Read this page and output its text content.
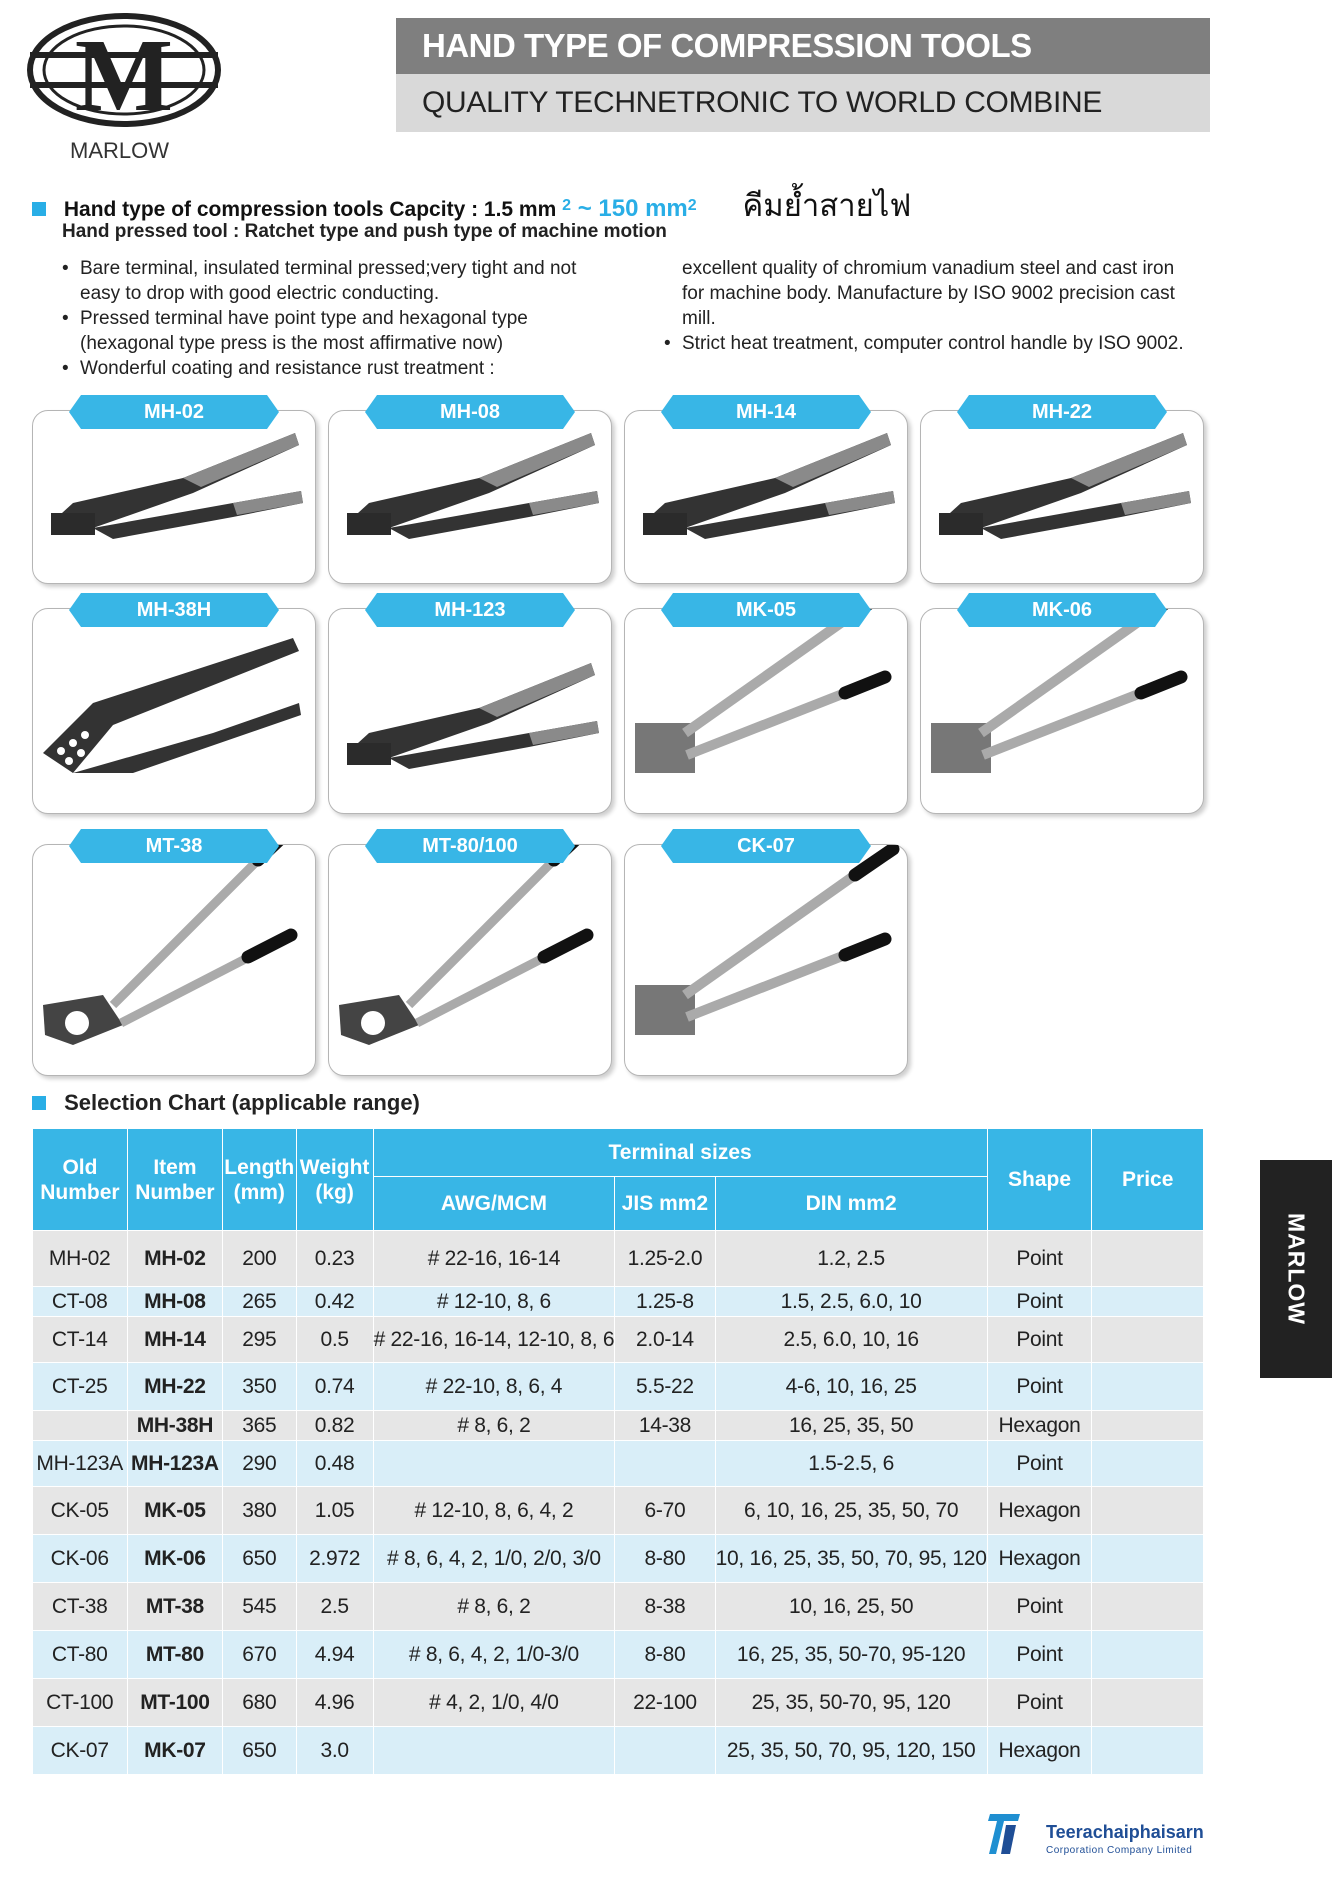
M
MARLOW
HAND TYPE OF COMPRESSION TOOLS
QUALITY TECHNETRONIC TO WORLD COMBINE
Hand type of compression tools Capcity : 1.5 mm $^2$ ~ 150 $mm^2$ คีมย้ำสายไฟ
Hand pressed tool : Ratchet type and push type of machine motion
• Bare terminal, insulated terminal pressed;very tight and not easy to drop with good electric conducting.
• Pressed terminal have point type and hexagonal type (hexagonal type press is the most affirmative now)
• Wonderful coating and resistance rust treatment :
excellent quality of chromium vanadium steel and cast iron for machine body. Manufacture by ISO 9002 precision cast mill.
• Strict heat treatment, computer control handle by ISO 9002.
MH-02	MH-08	MH-14	MH-22
MH-38H	MH-123	MK-05	MK-06
MT-38	MT-80/100	CK-07
Selection Chart (applicable range)
Old Number	Item Number	Length (mm)	Weight (kg)	Terminal sizes			Shape	Price
				AWG/MCM	JIS mm2	DIN mm2		
MH-02	MH-02	200	0.23	# 22-16, 16-14	1.25-2.0	1.2, 2.5	Point	
CT-08	MH-08	265	0.42	# 12-10, 8, 6	1.25-8	1.5, 2.5, 6.0, 10	Point	
CT-14	MH-14	295	0.5	# 22-16, 16-14, 12-10, 8, 6	2.0-14	2.5, 6.0, 10, 16	Point	
CT-25	MH-22	350	0.74	# 22-10, 8, 6, 4	5.5-22	4-6, 10, 16, 25	Point	
	MH-38H	365	0.82	# 8, 6, 2	14-38	16, 25, 35, 50	Hexagon	
MH-123A	MH-123A	290	0.48			1.5-2.5, 6	Point	
CK-05	MK-05	380	1.05	# 12-10, 8, 6, 4, 2	6-70	6, 10, 16, 25, 35, 50, 70	Hexagon	
CK-06	MK-06	650	2.972	# 8, 6, 4, 2, 1/0, 2/0, 3/0	8-80	10, 16, 25, 35, 50, 70, 95, 120	Hexagon	
CT-38	MT-38	545	2.5	# 8, 6, 2	8-38	10, 16, 25, 50	Point	
CT-80	MT-80	670	4.94	# 8, 6, 4, 2, 1/0-3/0	8-80	16, 25, 35, 50-70, 95-120	Point	
CT-100	MT-100	680	4.96	# 4, 2, 1/0, 4/0	22-100	25, 35, 50-70, 95, 120	Point	
CK-07	MK-07	650	3.0			25, 35, 50, 70, 95, 120, 150	Hexagon	
MARLOW
Teerachaiphaisarn
Corporation Company Limited
